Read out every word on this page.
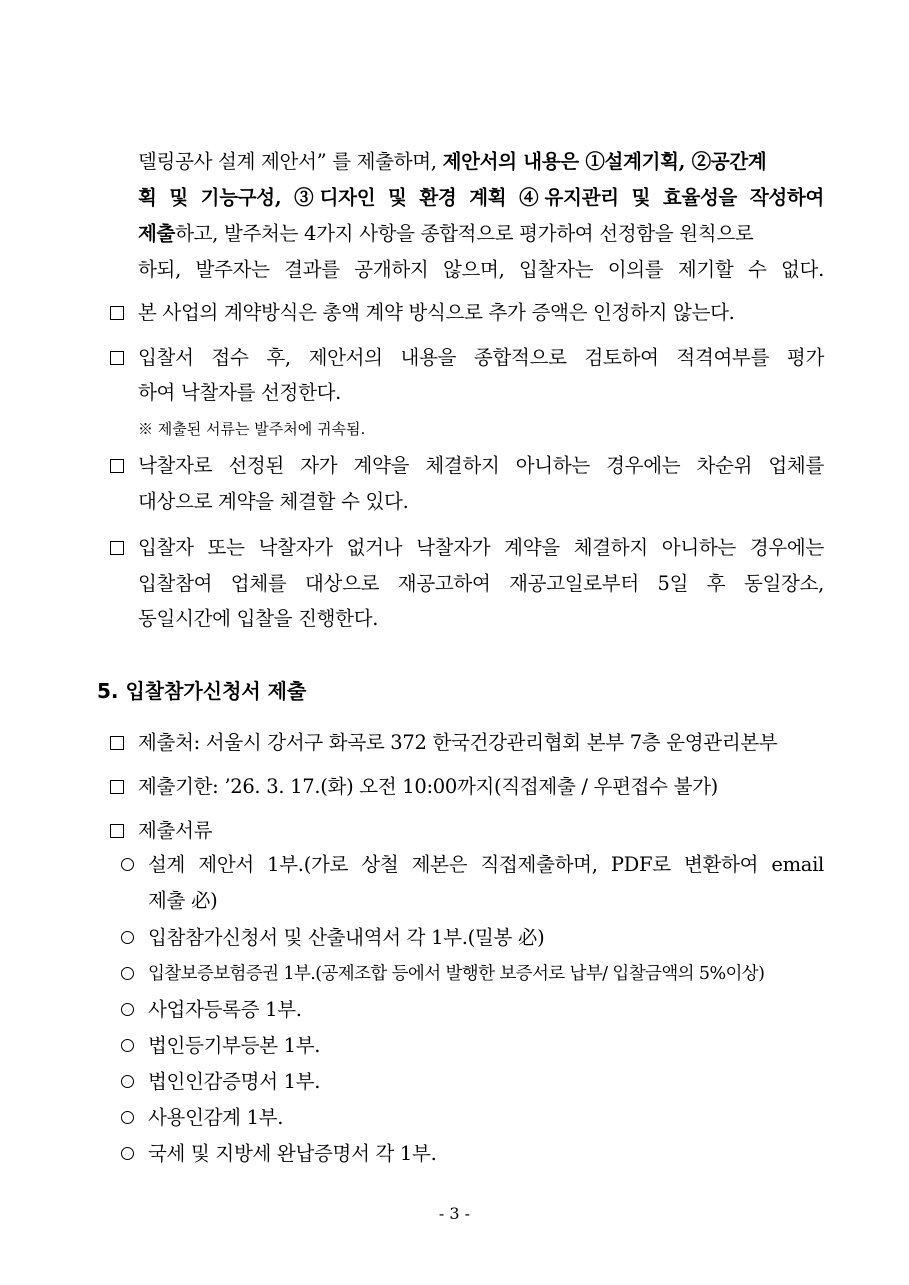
델링공사 설계 제안서” 를 제출하며, 제안서의 내용은 ①설계기획, ②공간계
획 및 기능구성, ③디자인 및 환경 계획 ④유지관리 및 효율성을 작성하여
제출하고, 발주처는 4가지 사항을 종합적으로 평가하여 선정함을 원칙으로
하되, 발주자는 결과를 공개하지 않으며, 입찰자는 이의를 제기할 수 없다.
본 사업의 계약방식은 총액 계약 방식으로 추가 증액은 인정하지 않는다.
입찰서 접수 후, 제안서의 내용을 종합적으로 검토하여 적격여부를 평가
하여 낙찰자를 선정한다.
※ 제출된 서류는 발주처에 귀속됨.
낙찰자로 선정된 자가 계약을 체결하지 아니하는 경우에는 차순위 업체를
대상으로 계약을 체결할 수 있다.
입찰자 또는 낙찰자가 없거나 낙찰자가 계약을 체결하지 아니하는 경우에는
입찰참여 업체를 대상으로 재공고하여 재공고일로부터 5일 후 동일장소,
동일시간에 입찰을 진행한다.
5. 입찰참가신청서 제출
제출처: 서울시 강서구 화곡로 372 한국건강관리협회 본부 7층 운영관리본부
제출기한: ’26. 3. 17.(화) 오전 10:00까지(직접제출 / 우편접수 불가)
제출서류
설계 제안서 1부.(가로 상철 제본은 직접제출하며, PDF로 변환하여 email
제출 必)
입참참가신청서 및 산출내역서 각 1부.(밀봉 必)
입찰보증보험증권 1부.(공제조합 등에서 발행한 보증서로 납부/ 입찰금액의 5%이상)
사업자등록증 1부.
법인등기부등본 1부.
법인인감증명서 1부.
사용인감계 1부.
국세 및 지방세 완납증명서 각 1부.
- 3 -
